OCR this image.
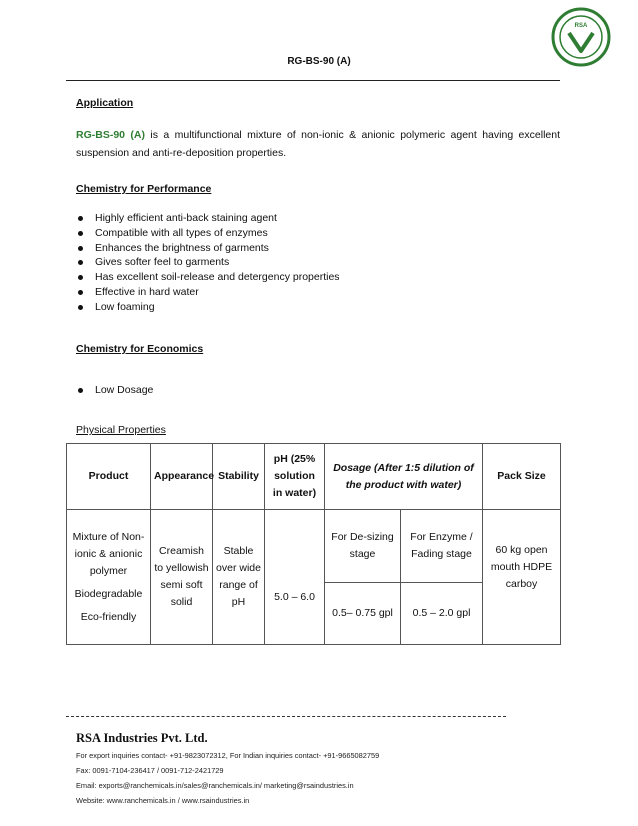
RSA
RG-BS-90 (A)
Application
RG-BS-90 (A) is a multifunctional mixture of non-ionic & anionic polymeric agent having excellent suspension and anti-re-deposition properties.
Chemistry for Performance
Highly efficient anti-back staining agent
Compatible with all types of enzymes
Enhances the brightness of garments
Gives softer feel to garments
Has excellent soil-release and detergency properties
Effective in hard water
Low foaming
Chemistry for Economics
Low Dosage
Physical Properties
Product	Appearance	Stability	pH (25% solution in water)	Dosage (After 1:5 dilution of the product with water)		Pack Size

Mixture of Non-ionic & anionic polymer
Biodegradable
Eco-friendly	Creamish to yellowish semi soft solid	Stable over wide range of pH	5.0 – 6.0	For De-sizing stage	For Enzyme / Fading stage	60 kg open mouth HDPE carboy
				0.5– 0.75 gpl	0.5 – 2.0 gpl	
RSA Industries Pvt. Ltd.
For export inquiries contact- +91-9823072312, For Indian inquiries contact- +91-9665082759
Fax: 0091-7104-236417 / 0091-712-2421729
Email: exports@ranchemicals.in/sales@ranchemicals.in/ marketing@rsaindustries.in
Website: www.ranchemicals.in / www.rsaindustries.in
